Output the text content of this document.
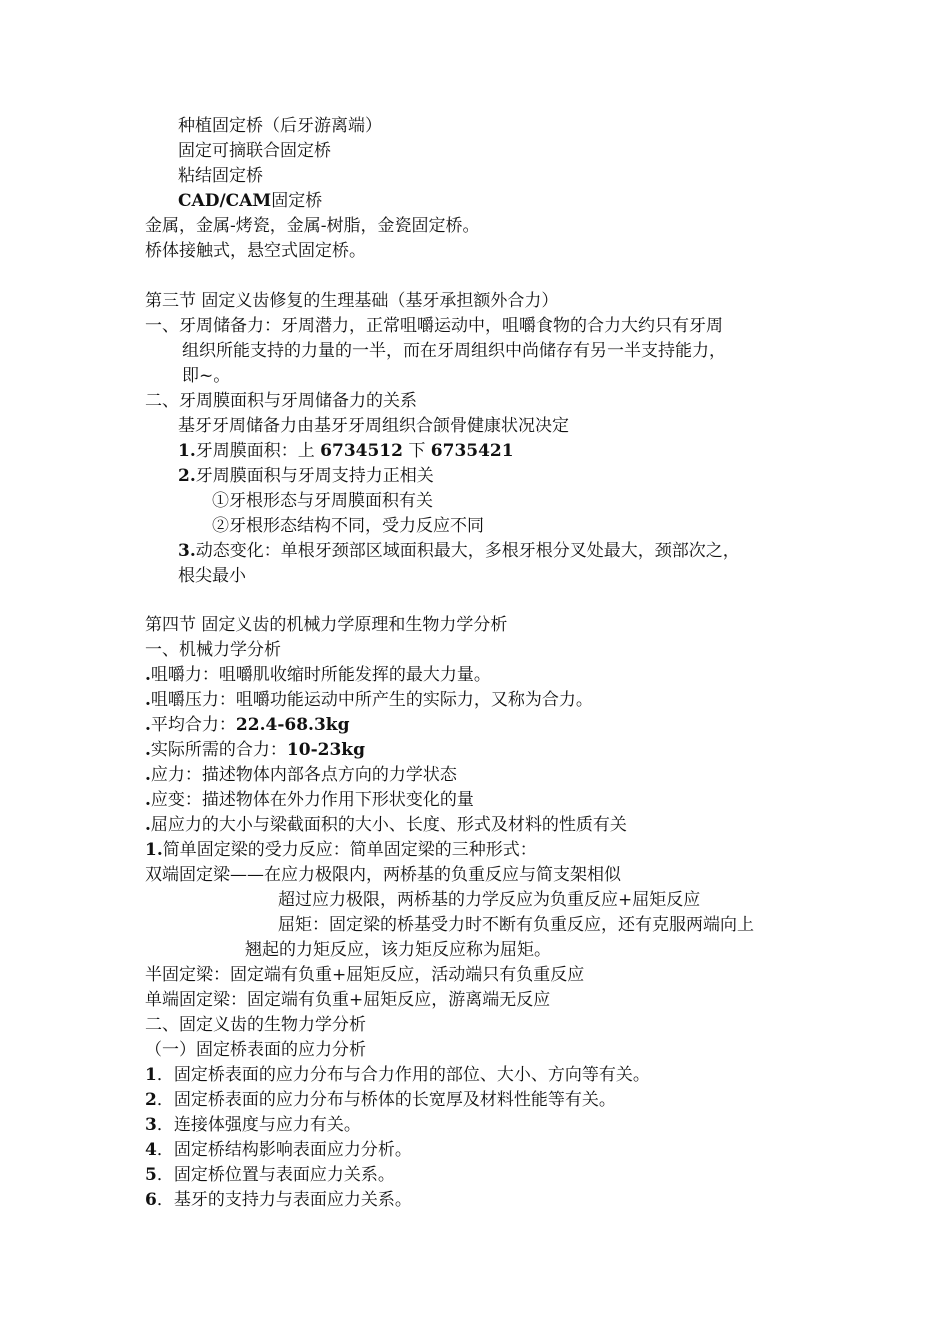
种植固定桥（后牙游离端）
固定可摘联合固定桥
粘结固定桥
CAD/CAM固定桥
金属，金属-烤瓷，金属-树脂，金瓷固定桥。
桥体接触式，悬空式固定桥。
第三节 固定义齿修复的生理基础（基牙承担额外合力）
一、牙周储备力：牙周潜力，正常咀嚼运动中，咀嚼食物的合力大约只有牙周
组织所能支持的力量的一半，而在牙周组织中尚储存有另一半支持能力，
即~。
二、牙周膜面积与牙周储备力的关系
基牙牙周储备力由基牙牙周组织合颌骨健康状况决定
1.牙周膜面积：上 6734512 下 6735421
2.牙周膜面积与牙周支持力正相关
①牙根形态与牙周膜面积有关
②牙根形态结构不同，受力反应不同
3.动态变化：单根牙颈部区域面积最大，多根牙根分叉处最大，颈部次之，
根尖最小
第四节 固定义齿的机械力学原理和生物力学分析
一、机械力学分析
.咀嚼力：咀嚼肌收缩时所能发挥的最大力量。
.咀嚼压力：咀嚼功能运动中所产生的实际力，又称为合力。
.平均合力：22.4-68.3kg
.实际所需的合力：10-23kg
.应力：描述物体内部各点方向的力学状态
.应变：描述物体在外力作用下形状变化的量
.屈应力的大小与梁截面积的大小、长度、形式及材料的性质有关
1.简单固定梁的受力反应：简单固定梁的三种形式：
双端固定梁——在应力极限内，两桥基的负重反应与简支架相似
超过应力极限，两桥基的力学反应为负重反应+屈矩反应
屈矩：固定梁的桥基受力时不断有负重反应，还有克服两端向上
翘起的力矩反应，该力矩反应称为屈矩。
半固定梁：固定端有负重+屈矩反应，活动端只有负重反应
单端固定梁：固定端有负重+屈矩反应，游离端无反应
二、固定义齿的生物力学分析
（一）固定桥表面的应力分析
1．固定桥表面的应力分布与合力作用的部位、大小、方向等有关。
2．固定桥表面的应力分布与桥体的长宽厚及材料性能等有关。
3．连接体强度与应力有关。
4．固定桥结构影响表面应力分析。
5．固定桥位置与表面应力关系。
6．基牙的支持力与表面应力关系。
